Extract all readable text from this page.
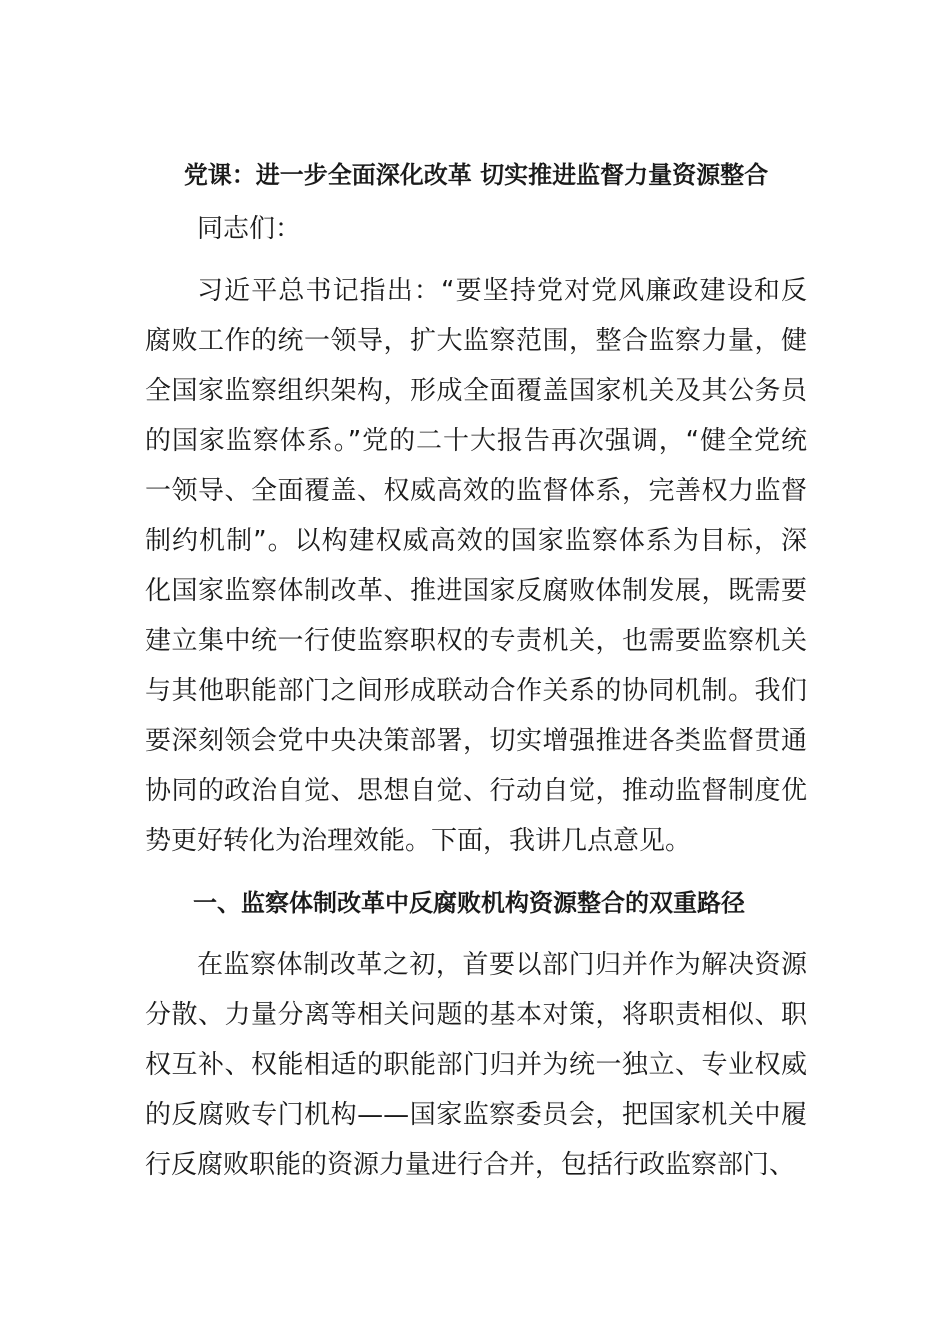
党课：进一步全面深化改革 切实推进监督力量资源整合

同志们：

习近平总书记指出：“要坚持党对党风廉政建设和反腐败工作的统一领导，扩大监察范围，整合监察力量，健全国家监察组织架构，形成全面覆盖国家机关及其公务员的国家监察体系。”党的二十大报告再次强调，“健全党统一领导、全面覆盖、权威高效的监督体系，完善权力监督制约机制”。以构建权威高效的国家监察体系为目标，深化国家监察体制改革、推进国家反腐败体制发展，既需要建立集中统一行使监察职权的专责机关，也需要监察机关与其他职能部门之间形成联动合作关系的协同机制。我们要深刻领会党中央决策部署，切实增强推进各类监督贯通协同的政治自觉、思想自觉、行动自觉，推动监督制度优势更好转化为治理效能。下面，我讲几点意见。

一、监察体制改革中反腐败机构资源整合的双重路径

在监察体制改革之初，首要以部门归并作为解决资源分散、力量分离等相关问题的基本对策，将职责相似、职权互补、权能相适的职能部门归并为统一独立、专业权威的反腐败专门机构——国家监察委员会，把国家机关中履行反腐败职能的资源力量进行合并，包括行政监察部门、
